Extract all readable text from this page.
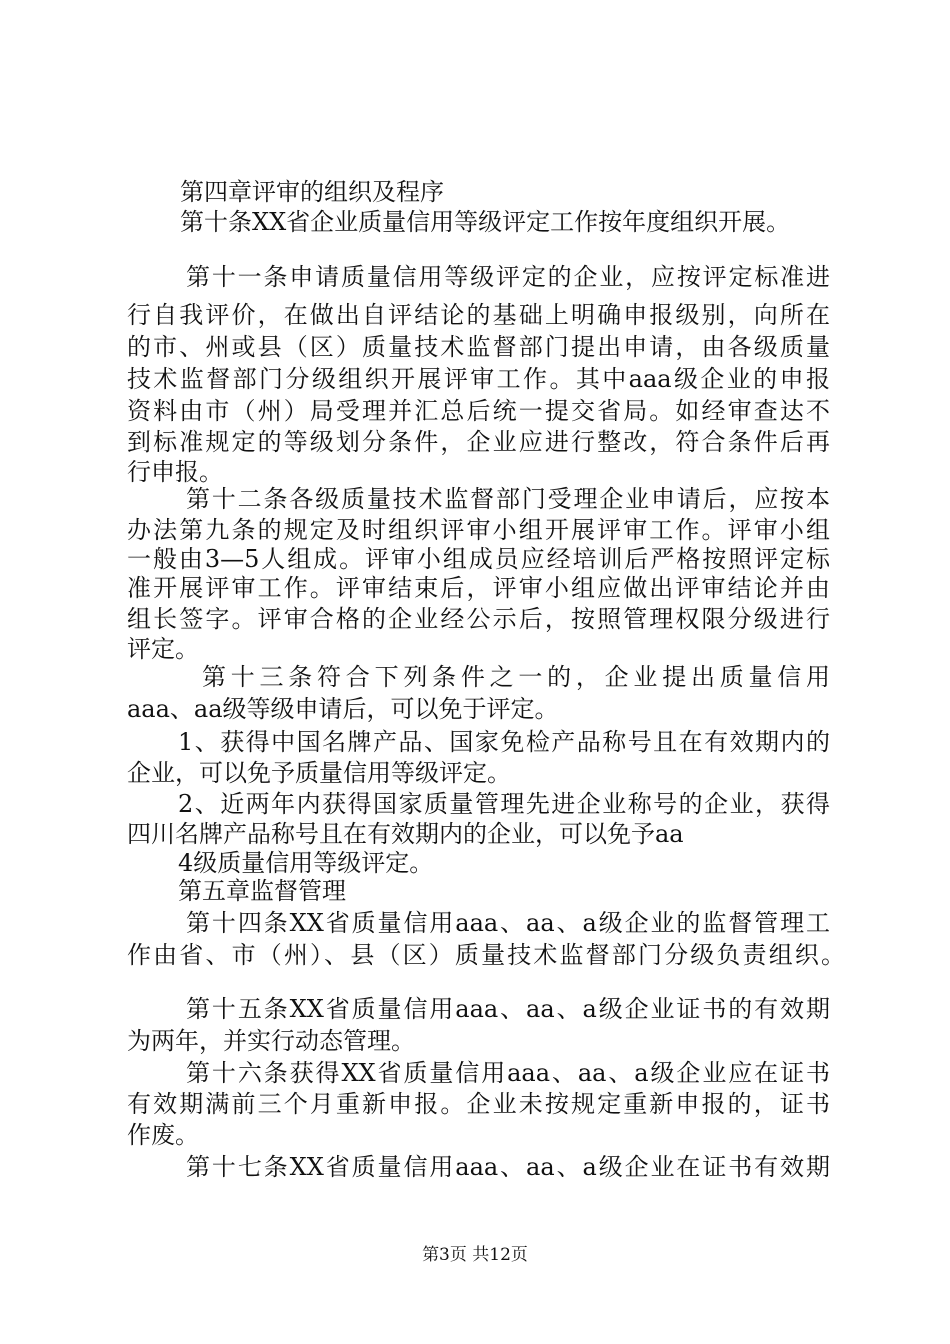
第四章评审的组织及程序
第十条XX省企业质量信用等级评定工作按年度组织开展。
第十一条申请质量信用等级评定的企业，应按评定标准进
行自我评价，在做出自评结论的基础上明确申报级别，向所在
的市、州或县（区）质量技术监督部门提出申请，由各级质量
技术监督部门分级组织开展评审工作。其中aaa级企业的申报
资料由市（州）局受理并汇总后统一提交省局。如经审查达不
到标准规定的等级划分条件，企业应进行整改，符合条件后再
行申报。
第十二条各级质量技术监督部门受理企业申请后，应按本
办法第九条的规定及时组织评审小组开展评审工作。评审小组
一般由3—5人组成。评审小组成员应经培训后严格按照评定标
准开展评审工作。评审结束后，评审小组应做出评审结论并由
组长签字。评审合格的企业经公示后，按照管理权限分级进行
评定。
第十三条符合下列条件之一的，企业提出质量信用
aaa、aa级等级申请后，可以免于评定。
1、获得中国名牌产品、国家免检产品称号且在有效期内的
企业，可以免予质量信用等级评定。
2、近两年内获得国家质量管理先进企业称号的企业，获得
四川名牌产品称号且在有效期内的企业，可以免予aa
4级质量信用等级评定。
第五章监督管理
第十四条XX省质量信用aaa、aa、a级企业的监督管理工
作由省、市（州）、县（区）质量技术监督部门分级负责组织。
第十五条XX省质量信用aaa、aa、a级企业证书的有效期
为两年，并实行动态管理。
第十六条获得XX省质量信用aaa、aa、a级企业应在证书
有效期满前三个月重新申报。企业未按规定重新申报的，证书
作废。
第十七条XX省质量信用aaa、aa、a级企业在证书有效期
第3页 共12页
